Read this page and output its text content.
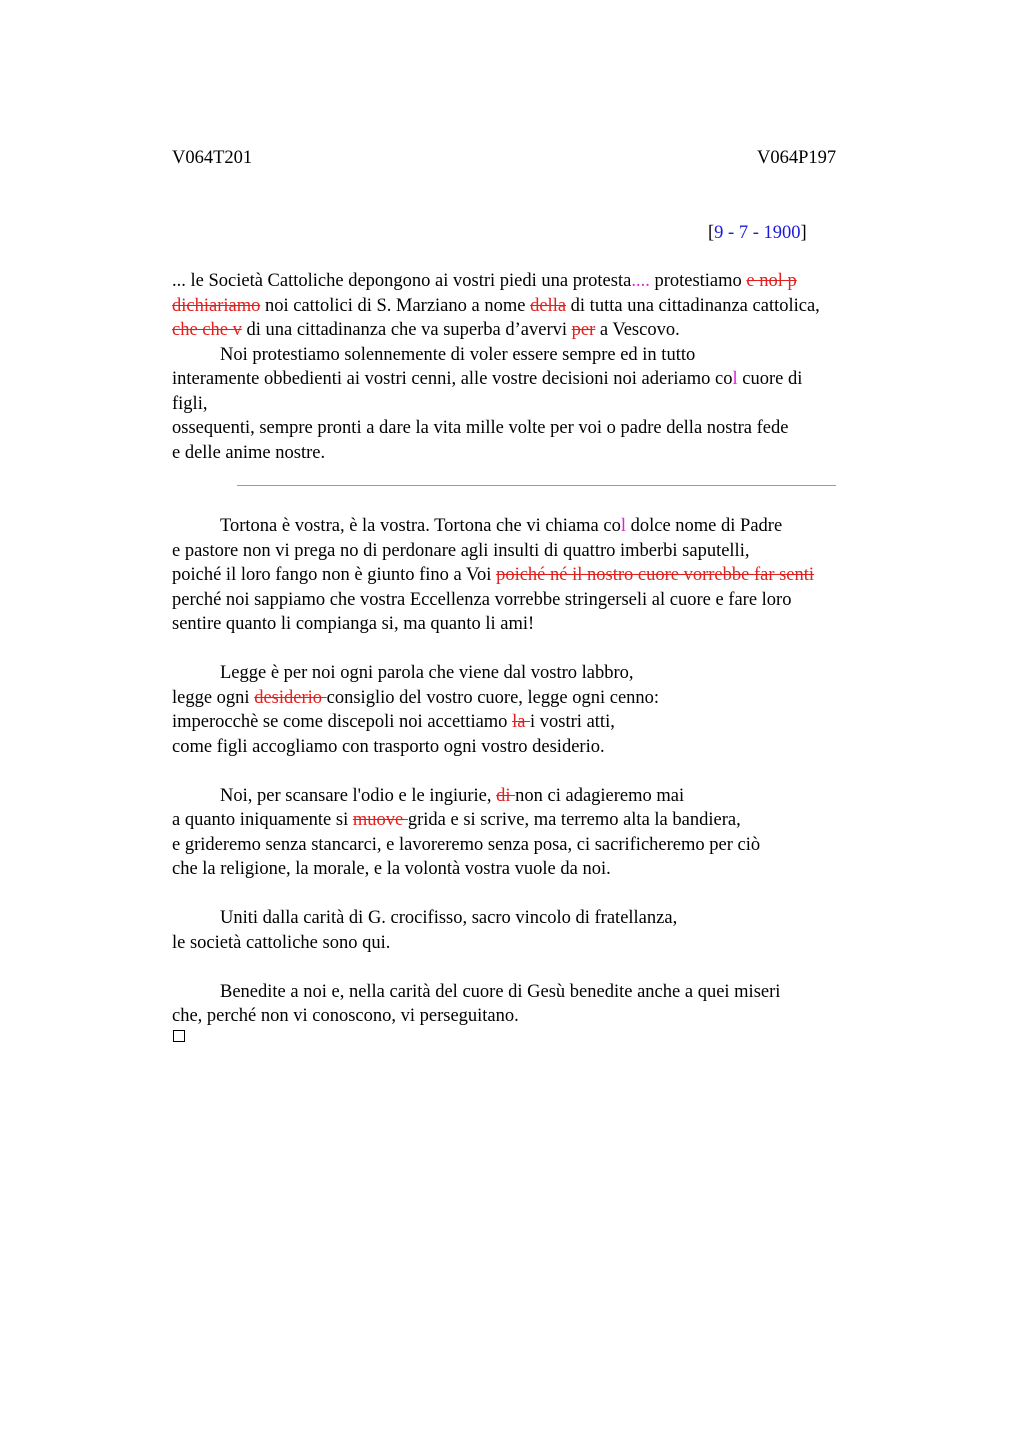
V064T201	V064P197
[9 - 7 - 1900]
... le Società Cattoliche depongono ai vostri piedi una protesta.... protestiamo e nol p
dichiariamo noi cattolici di S. Marziano a nome della di tutta una cittadinanza cattolica,
che che v di una cittadinanza che va superba d’avervi per a Vescovo.
Noi protestiamo solennemente di voler essere sempre ed in tutto
interamente obbedienti ai vostri cenni, alle vostre decisioni noi aderiamo col cuore di
figli,
ossequenti, sempre pronti a dare la vita mille volte per voi o padre della nostra fede
e delle anime nostre.
Tortona è vostra, è la vostra. Tortona che vi chiama col dolce nome di Padre
e pastore non vi prega no di perdonare agli insulti di quattro imberbi saputelli,
poiché il loro fango non è giunto fino a Voi poiché né il nostro cuore vorrebbe far senti
perché noi sappiamo che vostra Eccellenza vorrebbe stringerseli al cuore e fare loro
sentire quanto li compianga si, ma quanto li ami!
Legge è per noi ogni parola che viene dal vostro labbro,
legge ogni desiderio consiglio del vostro cuore, legge ogni cenno:
imperocchè se come discepoli noi accettiamo la i vostri atti,
come figli accogliamo con trasporto ogni vostro desiderio.
Noi, per scansare l'odio e le ingiurie, di non ci adagieremo mai
a quanto iniquamente si muove grida e si scrive, ma terremo alta la bandiera,
e grideremo senza stancarci, e lavoreremo senza posa, ci sacrificheremo per ciò
che la religione, la morale, e la volontà vostra vuole da noi.
Uniti dalla carità di G. crocifisso, sacro vincolo di fratellanza,
le società cattoliche sono qui.
Benedite a noi e, nella carità del cuore di Gesù benedite anche a quei miseri
che, perché non vi conoscono, vi perseguitano.
